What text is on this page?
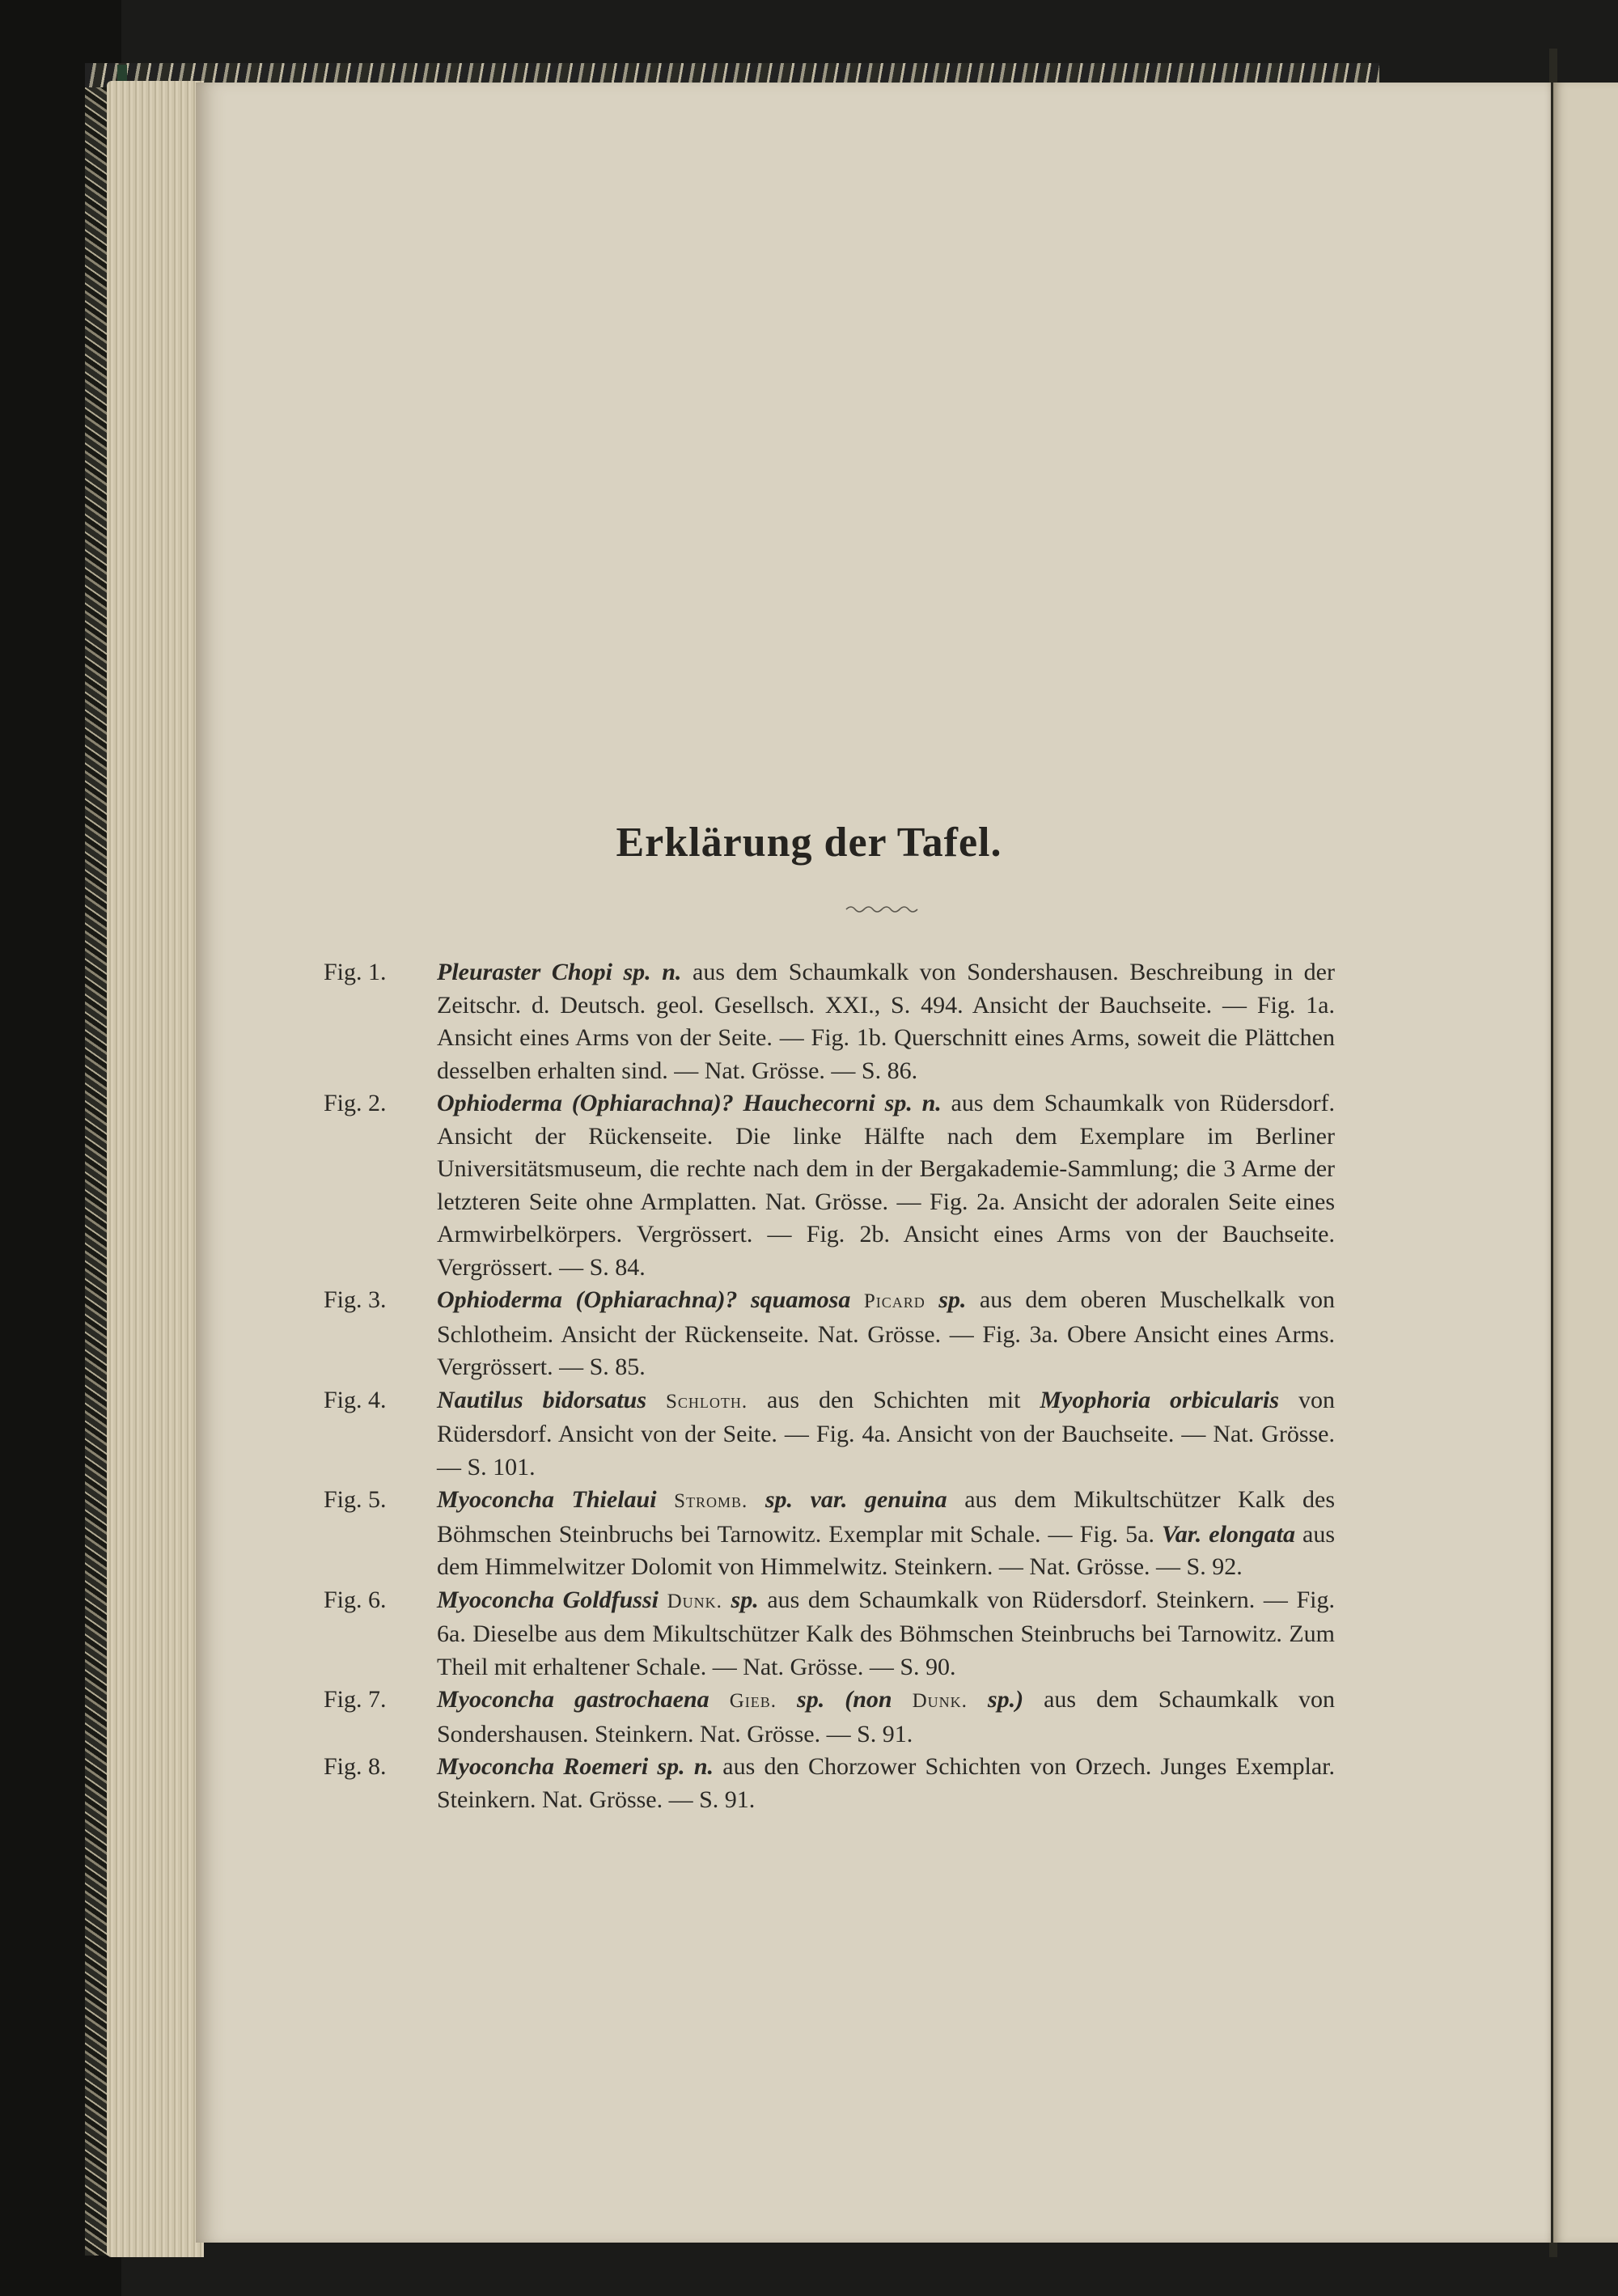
Erklärung der Tafel.
Fig. 1.	Pleuraster Chopi sp. n. aus dem Schaumkalk von Sondershausen. Beschreibung in der Zeitschr. d. Deutsch. geol. Gesellsch. XXI., S. 494. Ansicht der Bauchseite. — Fig. 1a. Ansicht eines Arms von der Seite. — Fig. 1b. Querschnitt eines Arms, soweit die Plättchen desselben erhalten sind. — Nat. Grösse. — S. 86.
Fig. 2.	Ophioderma (Ophiarachna)? Hauchecorni sp. n. aus dem Schaumkalk von Rüdersdorf. Ansicht der Rückenseite. Die linke Hälfte nach dem Exemplare im Berliner Universitätsmuseum, die rechte nach dem in der Bergakademie-Sammlung; die 3 Arme der letzteren Seite ohne Armplatten. Nat. Grösse. — Fig. 2a. Ansicht der adoralen Seite eines Armwirbelkörpers. Vergrössert. — Fig. 2b. Ansicht eines Arms von der Bauchseite. Vergrössert. — S. 84.
Fig. 3.	Ophioderma (Ophiarachna)? squamosa Picard sp. aus dem oberen Muschelkalk von Schlotheim. Ansicht der Rückenseite. Nat. Grösse. — Fig. 3a. Obere Ansicht eines Arms. Vergrössert. — S. 85.
Fig. 4.	Nautilus bidorsatus Schloth. aus den Schichten mit Myophoria orbicularis von Rüdersdorf. Ansicht von der Seite. — Fig. 4a. Ansicht von der Bauchseite. — Nat. Grösse. — S. 101.
Fig. 5.	Myoconcha Thielaui Stromb. sp. var. genuina aus dem Mikultschützer Kalk des Böhmschen Steinbruchs bei Tarnowitz. Exemplar mit Schale. — Fig. 5a. Var. elongata aus dem Himmelwitzer Dolomit von Himmelwitz. Steinkern. — Nat. Grösse. — S. 92.
Fig. 6.	Myoconcha Goldfussi Dunk. sp. aus dem Schaumkalk von Rüdersdorf. Steinkern. — Fig. 6a. Dieselbe aus dem Mikultschützer Kalk des Böhmschen Steinbruchs bei Tarnowitz. Zum Theil mit erhaltener Schale. — Nat. Grösse. — S. 90.
Fig. 7.	Myoconcha gastrochaena Gieb. sp. (non Dunk. sp.) aus dem Schaumkalk von Sondershausen. Steinkern. Nat. Grösse. — S. 91.
Fig. 8.	Myoconcha Roemeri sp. n. aus den Chorzower Schichten von Orzech. Junges Exemplar. Steinkern. Nat. Grösse. — S. 91.
